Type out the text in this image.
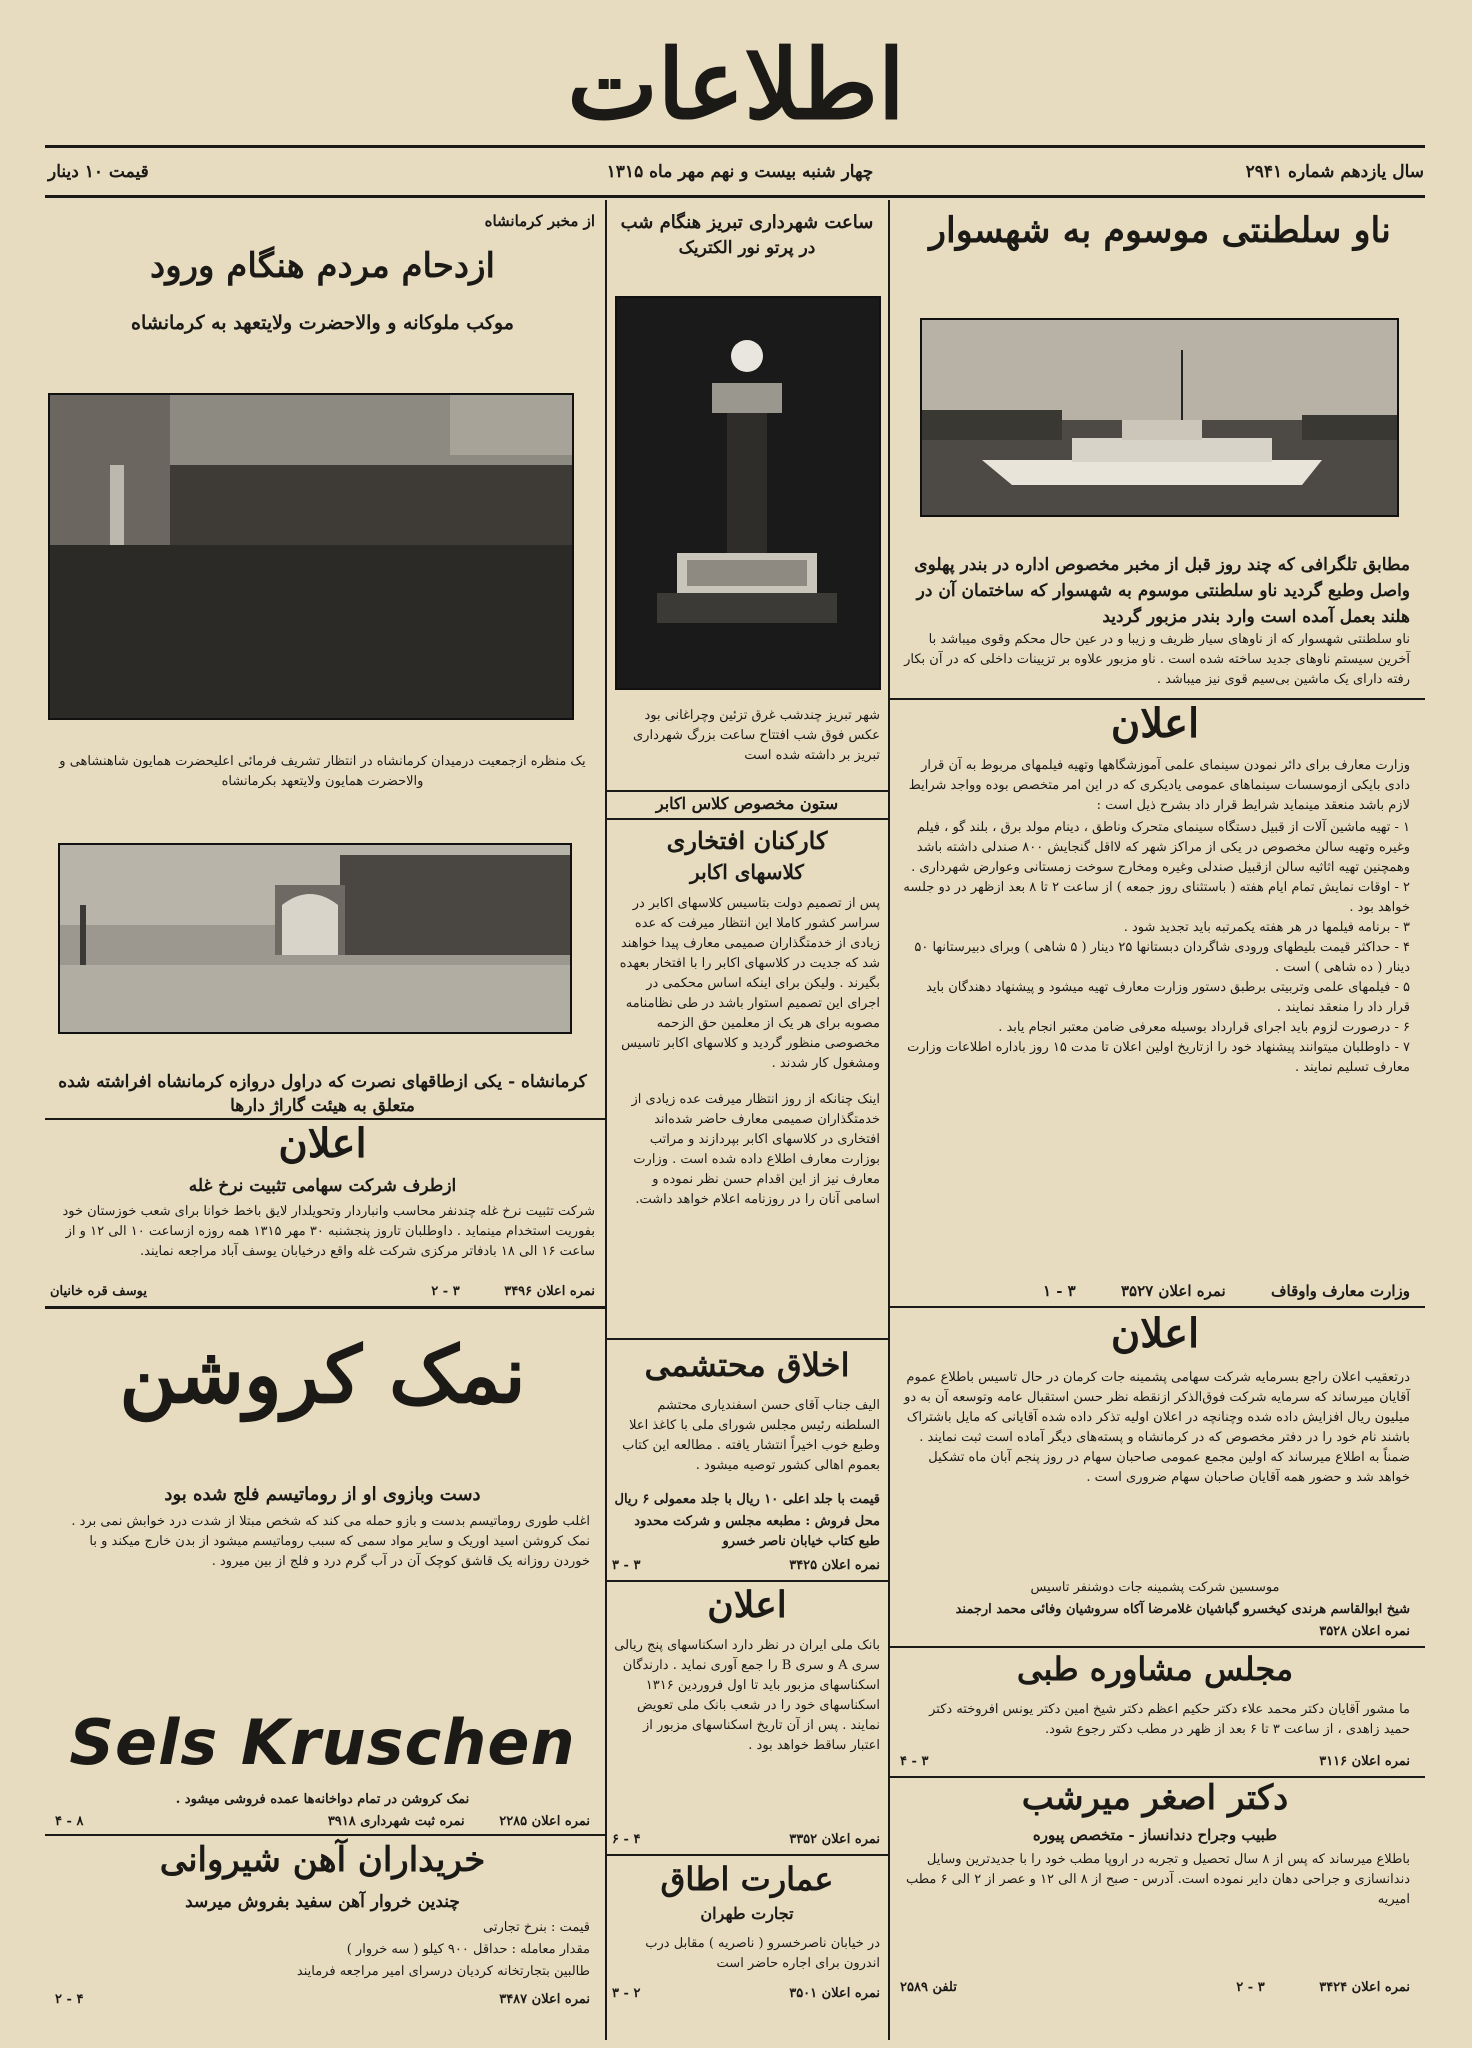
اطلاعات
سال یازدهم شماره ۲۹۴۱
چهار شنبه بیست و نهم مهر ماه ۱۳۱۵
قیمت ۱۰ دینار
ناو سلطنتی موسوم به شهسوار
مطابق تلگرافی که چند روز قبل از مخبر مخصوص اداره در بندر پهلوی واصل وطبع گردید ناو سلطنتی موسوم به شهسوار که ساختمان آن در هلند بعمل آمده است وارد بندر مزبور گردید
ناو سلطنتی شهسوار که از ناوهای سیار ظریف و زیبا و در عین حال محکم وقوی میباشد با آخرین سیستم ناوهای جدید ساخته شده است . ناو مزبور علاوه بر تزیینات داخلی که در آن بکار رفته دارای یک ماشین بی‌سیم قوی نیز میباشد .
اعلان
وزارت معارف برای دائر نمودن سینمای علمی آموزشگاهها وتهیه فیلمهای مربوط به آن قرار دادی بایکی ازموسسات سینماهای عمومی یادیکری که در این امر متخصص بوده وواجد شرایط لازم باشد منعقد مینماید شرایط قرار داد بشرح ذیل است :
۱ - تهیه ماشین آلات از قبیل دستگاه سینمای متحرک وناطق ، دینام مولد برق ، بلند گو ، فیلم وغیره وتهیه سالن مخصوص در یکی از مراکز شهر که لااقل گنجایش ۸۰۰ صندلی داشته باشد وهمچنین تهیه اثاثیه سالن ازقبیل صندلی وغیره ومخارج سوخت زمستانی وعوارض شهرداری .
۲ - اوقات نمایش تمام ایام هفته ( باستثنای روز جمعه ) از ساعت ۲ تا ۸ بعد ازظهر در دو جلسه خواهد بود .
۳ - برنامه فیلمها در هر هفته یکمرتبه باید تجدید شود .
۴ - حداکثر قیمت بلیطهای ورودی شاگردان دبستانها ۲۵ دینار ( ۵ شاهی ) وبرای دبیرستانها ۵۰ دینار ( ده شاهی ) است .
۵ - فیلمهای علمی وتربیتی برطبق دستور وزارت معارف تهیه میشود و پیشنهاد دهندگان باید قرار داد را منعقد نمایند .
۶ - درصورت لزوم باید اجرای قرارداد بوسیله معرفی ضامن معتبر انجام یابد .
۷ - داوطلبان میتوانند پیشنهاد خود را ازتاریخ اولین اعلان تا مدت ۱۵ روز باداره اطلاعات وزارت معارف تسلیم نمایند .
وزارت معارف واوقاف نمره اعلان ۳۵۲۷ ۳ - ۱
اعلان
درتعقیب اعلان راجع بسرمایه شرکت سهامی پشمینه جات کرمان در حال تاسیس باطلاع عموم آقایان میرساند که سرمایه شرکت فوق‌الذکر ازنقطه نظر حسن استقبال عامه وتوسعه آن به دو میلیون ریال افزایش داده شده وچنانچه در اعلان اولیه تذکر داده شده آقایانی که مایل باشتراک باشند نام خود را در دفتر مخصوص که در کرمانشاه و پسته‌های دیگر آماده است ثبت نمایند . ضمناً به اطلاع میرساند که اولین مجمع عمومی صاحبان سهام در روز پنجم آبان ماه تشکیل خواهد شد و حضور همه آقایان صاحبان سهام ضروری است .
موسسین شرکت پشمینه جات دوشنفر تاسیس
شیخ ابوالقاسم هرندی کیخسرو گباشیان غلامرضا آکاه سروشیان وفائی محمد ارجمند
نمره اعلان ۳۵۲۸
مجلس مشاوره طبی
ما مشور آقایان دکتر محمد علاء دکتر حکیم اعظم دکتر شیخ امین دکتر یونس افروخته دکتر حمید زاهدی ، از ساعت ۳ تا ۶ بعد از ظهر در مطب دکتر رجوع شود.
نمره اعلان ۳۱۱۶
۳ - ۴
دکتر اصغر میرشب
طبیب وجراح دندانساز - متخصص پیوره
باطلاع میرساند که پس از ۸ سال تحصیل و تجربه در اروپا مطب خود را با جدیدترین وسایل دندانسازی و جراحی دهان دایر نموده است. آدرس - صبح از ۸ الی ۱۲ و عصر از ۲ الی ۶ مطب امیریه
نمره اعلان ۳۴۲۴ ۳ - ۲
تلفن ۲۵۸۹
ساعت شهرداری تبریز هنگام شب
در پرتو نور الکتریک
شهر تبریز چندشب غرق تزئین وچراغانی بود عکس فوق شب افتتاح ساعت بزرگ شهرداری تبریز بر داشته شده است
ستون مخصوص کلاس اکابر
کارکنان افتخاری
کلاسهای اکابر
پس از تصمیم دولت بتاسیس کلاسهای اکابر در سراسر کشور کاملا این انتظار میرفت که عده زیادی از خدمتگذاران صمیمی معارف پیدا خواهند شد که جدیت در کلاسهای اکابر را با افتخار بعهده بگیرند . ولیکن برای اینکه اساس محکمی در اجرای این تصمیم استوار باشد در طی نظامنامه مصوبه برای هر یک از معلمین حق الزحمه مخصوصی منظور گردید و کلاسهای اکابر تاسیس ومشغول کار شدند .
اینک چنانکه از روز انتظار میرفت عده زیادی از خدمتگذاران صمیمی معارف حاضر شده‌اند افتخاری در کلاسهای اکابر بپردازند و مراتب بوزارت معارف اطلاع داده شده است . وزارت معارف نیز از این اقدام حسن نظر نموده و اسامی آنان را در روزنامه اعلام خواهد داشت.
اخلاق محتشمی
الیف جناب آقای حسن اسفندیاری محتشم السلطنه رئیس مجلس شورای ملی با کاغذ اعلا وطبع خوب اخیراً انتشار یافته . مطالعه این کتاب بعموم اهالی کشور توصیه میشود .
قیمت با جلد اعلی ۱۰ ریال با جلد معمولی ۶ ریال
محل فروش : مطبعه مجلس و شرکت محدود طبع کتاب خیابان ناصر خسرو
نمره اعلان ۳۴۲۵
۳ - ۳
اعلان
بانک ملی ایران در نظر دارد اسکناسهای پنج ریالی سری A و سری B را جمع آوری نماید . دارندگان اسکناسهای مزبور باید تا اول فروردین ۱۳۱۶ اسکناسهای خود را در شعب بانک ملی تعویض نمایند . پس از آن تاریخ اسکناسهای مزبور از اعتبار ساقط خواهد بود .
نمره اعلان ۳۳۵۲
۴ - ۶
عمارت اطاق
تجارت طهران
در خیابان ناصرخسرو ( ناصریه ) مقابل درب اندرون برای اجاره حاضر است
نمره اعلان ۳۵۰۱
۲ - ۳
از مخبر کرمانشاه
ازدحام مردم هنگام ورود
موکب ملوکانه و والاحضرت ولایتعهد به کرمانشاه
یک منظره ازجمعیت درمیدان کرمانشاه در انتظار تشریف فرمائی اعلیحضرت همایون شاهنشاهی و والاحضرت همایون ولایتعهد بکرمانشاه
کرمانشاه - یکی ازطاقهای نصرت که دراول دروازه کرمانشاه افراشته شده متعلق به هیئت گاراژ دارها
اعلان
ازطرف شرکت سهامی تثبیت نرخ غله
شرکت تثبیت نرخ غله چندنفر محاسب وانباردار وتحویلدار لایق باخط خوانا برای شعب خوزستان خود بفوریت استخدام مینماید . داوطلبان تاروز پنجشنبه ۳۰ مهر ۱۳۱۵ همه روزه ازساعت ۱۰ الی ۱۲ و از ساعت ۱۶ الی ۱۸ بادفاتر مرکزی شرکت غله واقع درخیابان یوسف آباد مراجعه نمایند.
نمره اعلان ۳۴۹۶ ۳ - ۲
یوسف قره خانیان
نمک کروشن
دست وبازوی او از روماتیسم فلج شده بود
اغلب طوری روماتیسم بدست و بازو حمله می کند که شخص مبتلا از شدت درد خوابش نمی برد . نمک کروشن اسید اوریک و سایر مواد سمی که سبب روماتیسم میشود از بدن خارج میکند و با خوردن روزانه یک قاشق کوچک آن در آب گرم درد و فلج از بین میرود .
Sels Kruschen
نمک کروشن در تمام دواخانه‌ها عمده فروشی میشود .
نمره اعلان ۲۲۸۵ نمره ثبت شهرداری ۳۹۱۸
۸ - ۴
خریداران آهن شیروانی
چندین خروار آهن سفید بفروش میرسد
قیمت : بنرخ تجارتی
مقدار معامله : حداقل ۹۰۰ کیلو ( سه خروار )
طالبین بتجارتخانه کردیان درسرای امیر مراجعه فرمایند
نمره اعلان ۳۴۸۷
۴ - ۲
